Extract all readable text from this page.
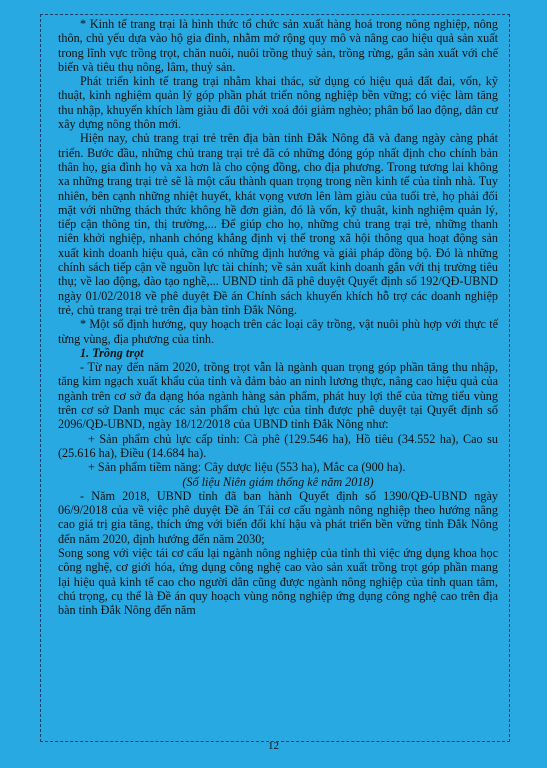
* Kinh tế trang trại là hình thức tổ chức sản xuất hàng hoá trong nông nghiệp, nông thôn, chủ yếu dựa vào hộ gia đình, nhằm mở rộng quy mô và nâng cao hiệu quả sản xuất trong lĩnh vực trồng trọt, chăn nuôi, nuôi trồng thuỷ sản, trồng rừng, gắn sản xuất với chế biến và tiêu thụ nông, lâm, thuỷ sản.

Phát triển kinh tế trang trại nhằm khai thác, sử dụng có hiệu quả đất đai, vốn, kỹ thuật, kinh nghiệm quản lý góp phần phát triển nông nghiệp bền vững; có việc làm tăng thu nhập, khuyến khích làm giàu đi đôi với xoá đói giảm nghèo; phân bổ lao động, dân cư xây dựng nông thôn mới.

Hiện nay, chủ trang trại trẻ trên địa bàn tỉnh Đắk Nông đã và đang ngày càng phát triển. Bước đầu, những chủ trang trại trẻ đã có những đóng góp nhất định cho chính bản thân họ, gia đình họ và xa hơn là cho cộng đồng, cho địa phương. Trong tương lai không xa những trang trại trẻ sẽ là một cấu thành quan trọng trong nền kinh tế của tỉnh nhà. Tuy nhiên, bên cạnh những nhiệt huyết, khát vọng vươn lên làm giàu của tuổi trẻ, họ phải đối mặt với những thách thức không hề đơn giản, đó là vốn, kỹ thuật, kinh nghiệm quản lý, tiếp cận thông tin, thị trường,... Để giúp cho họ, những chủ trang trại trẻ, những thanh niên khởi nghiệp, nhanh chóng khẳng định vị thế trong xã hội thông qua hoạt động sản xuất kinh doanh hiệu quả, cần có những định hướng và giải pháp đồng bộ. Đó là những chính sách tiếp cận về nguồn lực tài chính; về sản xuất kinh doanh gắn với thị trường tiêu thụ; về lao động, đào tạo nghề,... UBND tỉnh đã phê duyệt Quyết định số 192/QĐ-UBND ngày 01/02/2018 về phê duyệt Đề án Chính sách khuyến khích hỗ trợ các doanh nghiệp trẻ, chủ trang trại trẻ trên địa bàn tỉnh Đắk Nông.

* Một số định hướng, quy hoạch trên các loại cây trồng, vật nuôi phù hợp với thực tế từng vùng, địa phương của tỉnh.

1. Trồng trọt

- Từ nay đến năm 2020, trồng trọt vẫn là ngành quan trọng góp phần tăng thu nhập, tăng kim ngạch xuất khẩu của tỉnh và đảm bảo an ninh lương thực, nâng cao hiệu quả của ngành trên cơ sở đa dạng hóa ngành hàng sản phẩm, phát huy lợi thế của từng tiểu vùng trên cơ sở Danh mục các sản phẩm chủ lực của tỉnh được phê duyệt tại Quyết định số 2096/QĐ-UBND, ngày 18/12/2018 của UBND tỉnh Đắk Nông như:

+ Sản phẩm chủ lực cấp tỉnh: Cà phê (129.546 ha), Hồ tiêu (34.552 ha), Cao su (25.616 ha), Điều (14.684 ha).

+ Sản phẩm tiềm năng: Cây dược liệu (553 ha), Mắc ca (900 ha).

(Số liệu Niên giám thống kê năm 2018)

- Năm 2018, UBND tỉnh đã ban hành Quyết định số 1390/QĐ-UBND ngày 06/9/2018 của về việc phê duyệt Đề án Tái cơ cấu ngành nông nghiệp theo hướng nâng cao giá trị gia tăng, thích ứng với biến đổi khí hậu và phát triển bền vững tỉnh Đắk Nông đến năm 2020, định hướng đến năm 2030;

Song song với việc tái cơ cấu lại ngành nông nghiệp của tỉnh thì việc ứng dụng khoa học công nghệ, cơ giới hóa, ứng dụng công nghệ cao vào sản xuất trồng trọt góp phần mang lại hiệu quả kinh tế cao cho người dân cũng được ngành nông nghiệp của tỉnh quan tâm, chú trọng, cụ thể là Đề án quy hoạch vùng nông nghiệp ứng dụng công nghệ cao trên địa bàn tỉnh Đắk Nông đến năm

12
